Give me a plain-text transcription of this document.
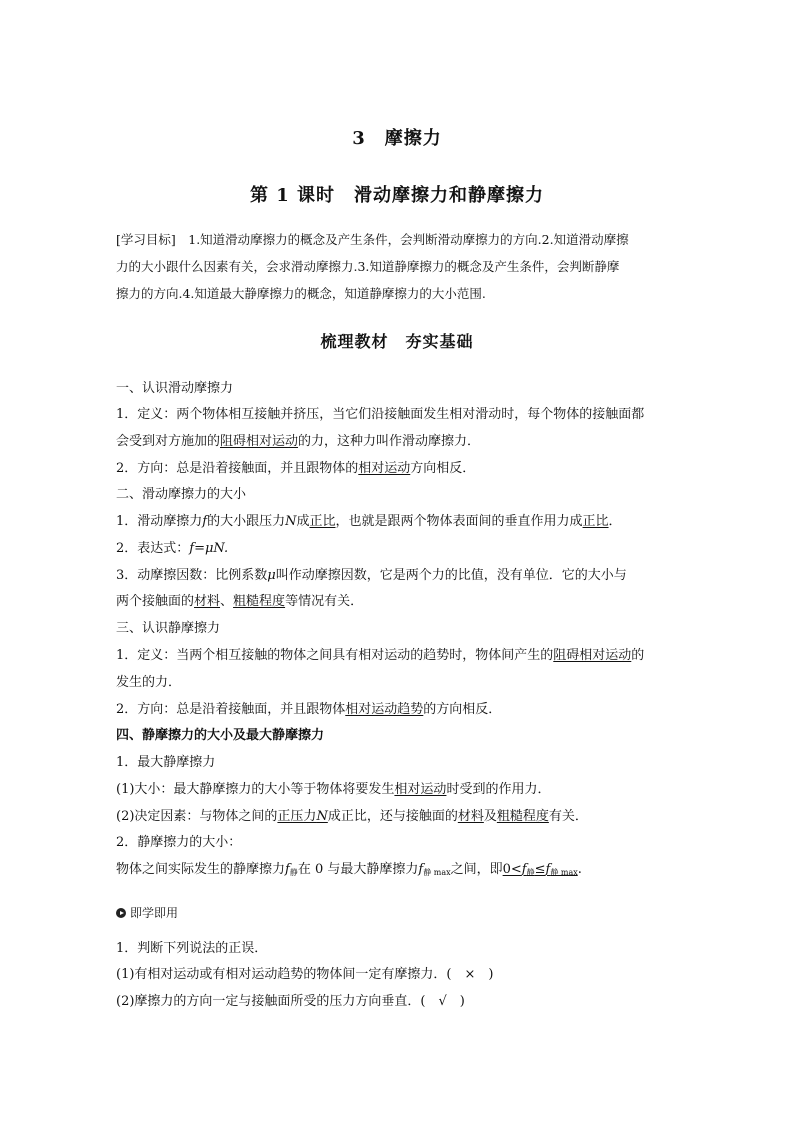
3　摩擦力
第 1 课时　滑动摩擦力和静摩擦力
[学习目标]　1.知道滑动摩擦力的概念及产生条件，会判断滑动摩擦力的方向.2.知道滑动摩擦
力的大小跟什么因素有关，会求滑动摩擦力.3.知道静摩擦力的概念及产生条件，会判断静摩
擦力的方向.4.知道最大静摩擦力的概念，知道静摩擦力的大小范围.
梳理教材　夯实基础
一、认识滑动摩擦力
1．定义：两个物体相互接触并挤压，当它们沿接触面发生相对滑动时，每个物体的接触面都
会受到对方施加的阻碍相对运动的力，这种力叫作滑动摩擦力．
2．方向：总是沿着接触面，并且跟物体的相对运动方向相反．
二、滑动摩擦力的大小
1．滑动摩擦力f的大小跟压力N成正比，也就是跟两个物体表面间的垂直作用力成正比．
2．表达式：f=μN.
3．动摩擦因数：比例系数μ叫作动摩擦因数，它是两个力的比值，没有单位．它的大小与
两个接触面的材料、粗糙程度等情况有关．
三、认识静摩擦力
1．定义：当两个相互接触的物体之间具有相对运动的趋势时，物体间产生的阻碍相对运动的
发生的力．
2．方向：总是沿着接触面，并且跟物体相对运动趋势的方向相反．
四、静摩擦力的大小及最大静摩擦力
1．最大静摩擦力
(1)大小：最大静摩擦力的大小等于物体将要发生相对运动时受到的作用力．
(2)决定因素：与物体之间的正压力N成正比，还与接触面的材料及粗糙程度有关．
2．静摩擦力的大小：
物体之间实际发生的静摩擦力$f_静$在 0 与最大静摩擦力$f_{静 max}$之间，即$0<f_静\le f_{静 max}$.
即学即用
1．判断下列说法的正误．
(1)有相对运动或有相对运动趋势的物体间一定有摩擦力．(　×　)
(2)摩擦力的方向一定与接触面所受的压力方向垂直．(　√　)
